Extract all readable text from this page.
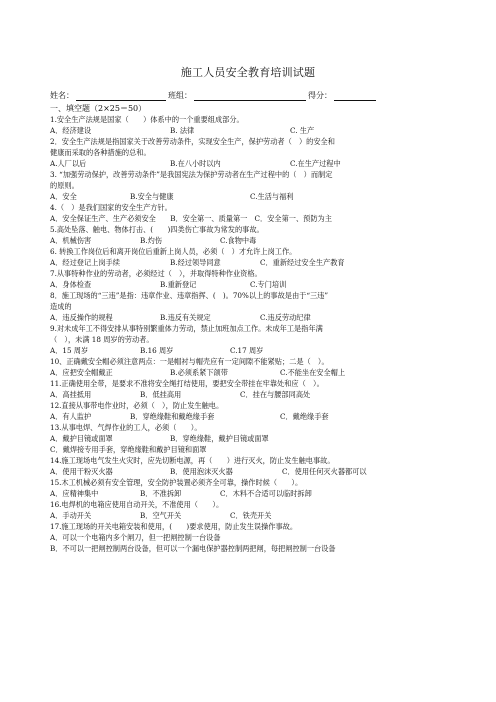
施工人员安全教育培训试题
姓名：	班组：	得分：
一、填空题（2×25＝50）
1.安全生产法规是国家（　　）体系中的一个重要组成部分。
A．经济建设	B. 法律	C. 生产
2．安全生产法规是指国家关于改善劳动条件，实现安全生产，保护劳动者（　）的安全和
健康而采取的各种措施的总和。
A.人厂以后	B.在八小时以内	C.在生产过程中
3. “加强劳动保护，改善劳动条件”是我国宪法为保护劳动者在生产过程中的（　）而制定
的原则。
A．安全	B.安全与健康	C.生活与福利
4.（　）是我们国家的安全生产方针。
A．安全保证生产、生产必须安全　　B．安全第一、质量第一　C．安全第一、预防为主
5.高处坠落、触电、物体打击、(　　)四类伤亡事故为常发的事故。
A．机械伤害	B.灼伤	C.食物中毒
6. 转换工作岗位后和离开岗位后重新上岗人员，必须（　）才允许上岗工作。
A．经过登记上岗手续	B.经过领导同意	C．重新经过安全生产教育
7.从事特种作业的劳动者，必须经过（　），并取得特种作业资格。
A．身体检查	B.重新登记	C.专门培训
8．施工现场的“三违”是指：违章作业、违章指挥、(　)。70%以上的事故是由于“三违”
造成的
A．违反操作的规程	B.违反有关规定	C.违反劳动纪律
9.对未成年工不得安排从事特别繁重体力劳动，禁止加班加点工作。未成年工是指年满
（　），未满 18 周岁的劳动者。
A．15 周岁	B.16 周岁	C.17 周岁
10、正确戴安全帽必须注意两点：一是帽衬与帽壳应有一定间隙不能紧贴；二是（　）。
A．应把安全帽戴正	B.必须系紧下颌带	C.不能坐在安全帽上
11.正确使用全带，是要求不准将安全绳打结使用，要把安全带挂在牢靠处和应（　）。
A．高挂抵用	B．低挂高用	C．挂在与腰部同高处
12.直接从事带电作业时，必须（　），防止发生触电。
A．有人监护	B．穿绝缘鞋和戴绝缘手套	C．戴绝缘手套
13.从事电焊、气焊作业的工人，必须（　　）。
A．戴护目镜或面罩	B．穿绝缘鞋，戴护目镜或面罩
C．戴焊接专用手套，穿绝缘鞋和戴护目镜和面罩
14.施工现场电气发生火灾时，应先切断电源，再（　　）进行灭火，防止发生触电事故。
A．使用干粉灭火器	B．使用泡沫灭火器	C．使用任何灭火器都可以
15.木工机械必须有安全管理，安全防护装置必须齐全可靠，操作时候（　　）。
A．应精神集中	B．不准拆卸	C．木料不合适可以临时拆卸
16.电焊机的电箱应使用自动开关，不准使用（　　）。
A．手动开关	B．空气开关	C．铁壳开关
17.施工现场的开关电箱安装和使用，(　　)要求使用，防止发生误操作事故。
A．可以一个电箱内多个闸刀，但一把闸控制一台设备
B．不可以一把闸控制两台设备，但可以一个漏电保护器控制两把闸，每把闸控制一台设备
